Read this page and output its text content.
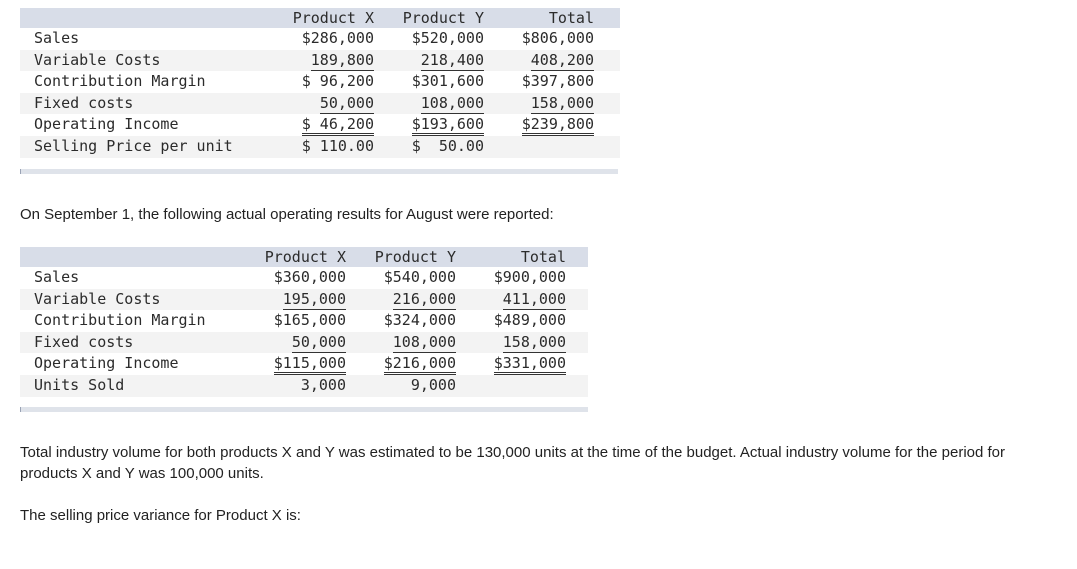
	Product X		Product Y		Total	
Sales	$286,000		$520,000		$806,000	
Variable Costs	189,800		218,400		408,200	
Contribution Margin	$ 96,200		$301,600		$397,800	
Fixed costs	50,000		108,000		158,000	
Operating Income	$ 46,200		$193,600		$239,800	
Selling Price per unit	$ 110.00		$  50.00			
On September 1, the following actual operating results for August were reported:
	Product X		Product Y		Total	
Sales	$360,000		$540,000		$900,000	
Variable Costs	195,000		216,000		411,000	
Contribution Margin	$165,000		$324,000		$489,000	
Fixed costs	50,000		108,000		158,000	
Operating Income	$115,000		$216,000		$331,000	
Units Sold	3,000		9,000			
Total industry volume for both products X and Y was estimated to be 130,000 units at the time of the budget. Actual industry volume for the period for products X and Y was 100,000 units.
The selling price variance for Product X is:
